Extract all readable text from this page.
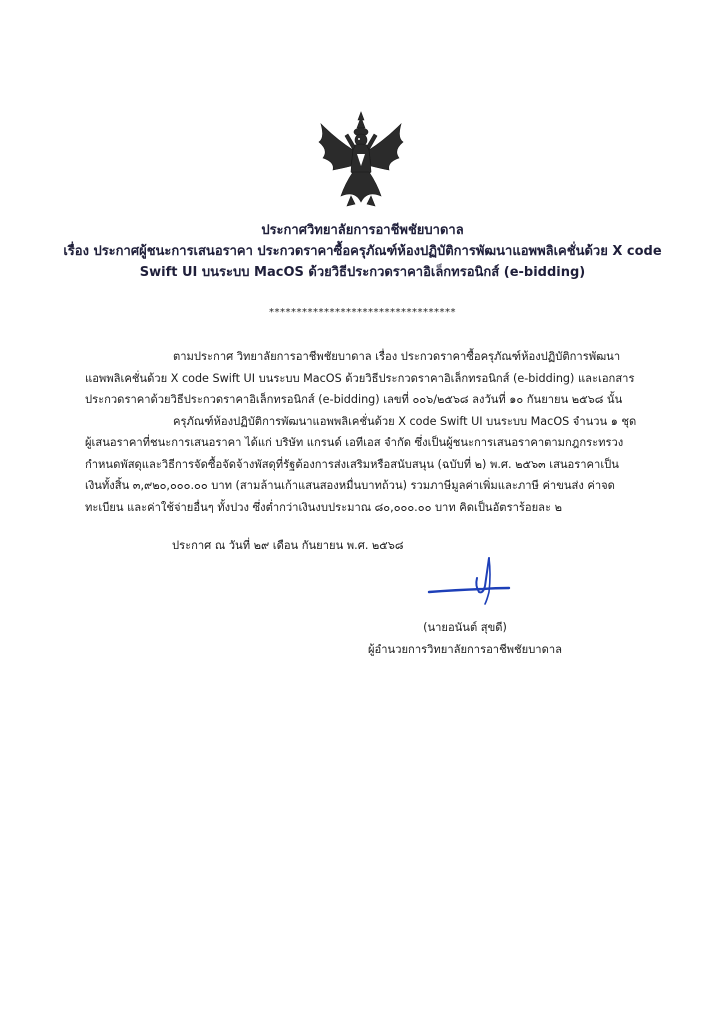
ประกาศวิทยาลัยการอาชีพชัยบาดาล
เรื่อง ประกาศผู้ชนะการเสนอราคา ประกวดราคาซื้อครุภัณฑ์ห้องปฏิบัติการพัฒนาแอพพลิเคชั่นด้วย X code
Swift UI บนระบบ MacOS ด้วยวิธีประกวดราคาอิเล็กทรอนิกส์ (e-bidding)
**********************************
ตามประกาศ วิทยาลัยการอาชีพชัยบาดาล เรื่อง ประกวดราคาซื้อครุภัณฑ์ห้องปฏิบัติการพัฒนา
แอพพลิเคชั่นด้วย X code Swift UI บนระบบ MacOS ด้วยวิธีประกวดราคาอิเล็กทรอนิกส์ (e-bidding) และเอกสาร
ประกวดราคาด้วยวิธีประกวดราคาอิเล็กทรอนิกส์ (e-bidding) เลขที่ ๐๐๖/๒๕๖๘ ลงวันที่ ๑๐ กันยายน ๒๕๖๘ นั้น
ครุภัณฑ์ห้องปฏิบัติการพัฒนาแอพพลิเคชั่นด้วย X code Swift UI บนระบบ MacOS จำนวน ๑ ชุด
ผู้เสนอราคาที่ชนะการเสนอราคา ได้แก่ บริษัท แกรนด์ เอทีเอส จำกัด ซึ่งเป็นผู้ชนะการเสนอราคาตามกฎกระทรวง
กำหนดพัสดุและวิธีการจัดซื้อจัดจ้างพัสดุที่รัฐต้องการส่งเสริมหรือสนับสนุน (ฉบับที่ ๒) พ.ศ. ๒๕๖๓ เสนอราคาเป็น
เงินทั้งสิ้น ๓,๙๒๐,๐๐๐.๐๐ บาท (สามล้านเก้าแสนสองหมื่นบาทถ้วน) รวมภาษีมูลค่าเพิ่มและภาษี ค่าขนส่ง ค่าจด
ทะเบียน และค่าใช้จ่ายอื่นๆ ทั้งปวง ซึ่งต่ำกว่าเงินงบประมาณ ๘๐,๐๐๐.๐๐ บาท คิดเป็นอัตราร้อยละ ๒
ประกาศ ณ วันที่ ๒๙ เดือน กันยายน พ.ศ. ๒๕๖๘
(นายอนันต์ สุขดี)
ผู้อำนวยการวิทยาลัยการอาชีพชัยบาดาล
